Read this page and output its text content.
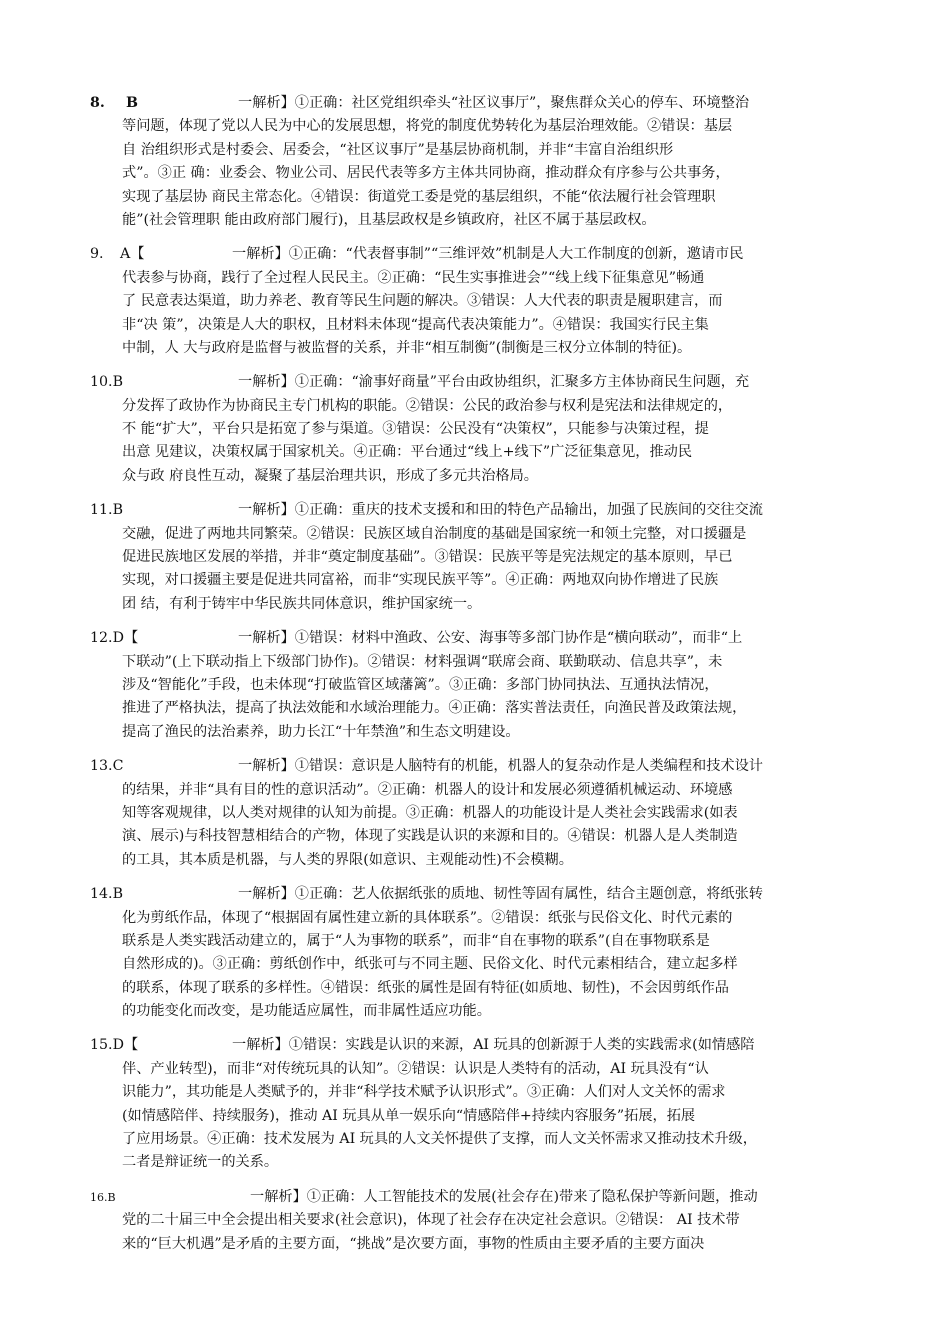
8. B	一解析】①正确：社区党组织牵头“社区议事厅”，聚焦群众关心的停车、环境整治
等问题，体现了党以人民为中心的发展思想，将党的制度优势转化为基层治理效能。②错误：基层
自 治组织形式是村委会、居委会，“社区议事厅”是基层协商机制，并非“丰富自治组织形
式”。③正 确：业委会、物业公司、居民代表等多方主体共同协商，推动群众有序参与公共事务，
实现了基层协 商民主常态化。④错误：街道党工委是党的基层组织，不能“依法履行社会管理职
能”(社会管理职 能由政府部门履行)，且基层政权是乡镇政府，社区不属于基层政权。
9. A【	一解析】①正确：“代表督事制”“三维评效”机制是人大工作制度的创新，邀请市民
代表参与协商，践行了全过程人民民主。②正确：“民生实事推进会”“线上线下征集意见”畅通
了 民意表达渠道，助力养老、教育等民生问题的解决。③错误：人大代表的职责是履职建言，而
非“决 策”，决策是人大的职权，且材料未体现“提高代表决策能力”。④错误：我国实行民主集
中制，人 大与政府是监督与被监督的关系，并非“相互制衡”(制衡是三权分立体制的特征)。
10.B	一解析】①正确：“渝事好商量”平台由政协组织，汇聚多方主体协商民生问题，充
分发挥了政协作为协商民主专门机构的职能。②错误：公民的政治参与权利是宪法和法律规定的，
不 能“扩大”，平台只是拓宽了参与渠道。③错误：公民没有“决策权”，只能参与决策过程，提
出意 见建议，决策权属于国家机关。④正确：平台通过“线上+线下”广泛征集意见，推动民
众与政 府良性互动，凝聚了基层治理共识，形成了多元共治格局。
11.B	一解析】①正确：重庆的技术支援和和田的特色产品输出，加强了民族间的交往交流
交融，促进了两地共同繁荣。②错误：民族区域自治制度的基础是国家统一和领土完整，对口援疆是
促进民族地区发展的举措，并非“奠定制度基础”。③错误：民族平等是宪法规定的基本原则，早已
实现，对口援疆主要是促进共同富裕，而非“实现民族平等”。④正确：两地双向协作增进了民族
团 结，有利于铸牢中华民族共同体意识，维护国家统一。
12.D【	一解析】①错误：材料中渔政、公安、海事等多部门协作是“横向联动”，而非“上
下联动”(上下联动指上下级部门协作)。②错误：材料强调“联席会商、联勤联动、信息共享”，未
涉及“智能化”手段，也未体现“打破监管区域藩篱”。③正确：多部门协同执法、互通执法情况，
推进了严格执法，提高了执法效能和水域治理能力。④正确：落实普法责任，向渔民普及政策法规，
提高了渔民的法治素养，助力长江“十年禁渔”和生态文明建设。
13.C	一解析】①错误：意识是人脑特有的机能，机器人的复杂动作是人类编程和技术设计
的结果，并非“具有目的性的意识活动”。②正确：机器人的设计和发展必须遵循机械运动、环境感
知等客观规律，以人类对规律的认知为前提。③正确：机器人的功能设计是人类社会实践需求(如表
演、展示)与科技智慧相结合的产物，体现了实践是认识的来源和目的。④错误：机器人是人类制造
的工具，其本质是机器，与人类的界限(如意识、主观能动性)不会模糊。
14.B	一解析】①正确：艺人依据纸张的质地、韧性等固有属性，结合主题创意，将纸张转
化为剪纸作品，体现了“根据固有属性建立新的具体联系”。②错误：纸张与民俗文化、时代元素的
联系是人类实践活动建立的，属于“人为事物的联系”，而非“自在事物的联系”(自在事物联系是
自然形成的)。③正确：剪纸创作中，纸张可与不同主题、民俗文化、时代元素相结合，建立起多样
的联系，体现了联系的多样性。④错误：纸张的属性是固有特征(如质地、韧性)，不会因剪纸作品
的功能变化而改变，是功能适应属性，而非属性适应功能。
15.D【	一解析】①错误：实践是认识的来源，AI 玩具的创新源于人类的实践需求(如情感陪
伴、产业转型)，而非“对传统玩具的认知”。②错误：认识是人类特有的活动，AI 玩具没有“认
识能力”，其功能是人类赋予的，并非“科学技术赋予认识形式”。③正确：人们对人文关怀的需求
(如情感陪伴、持续服务)，推动 AI 玩具从单一娱乐向“情感陪伴+持续内容服务”拓展，拓展
了应用场景。④正确：技术发展为 AI 玩具的人文关怀提供了支撑，而人文关怀需求又推动技术升级，
二者是辩证统一的关系。
16.B	一解析】①正确：人工智能技术的发展(社会存在)带来了隐私保护等新问题，推动
党的二十届三中全会提出相关要求(社会意识)，体现了社会存在决定社会意识。②错误： AI 技术带
来的“巨大机遇”是矛盾的主要方面，“挑战”是次要方面，事物的性质由主要矛盾的主要方面决
